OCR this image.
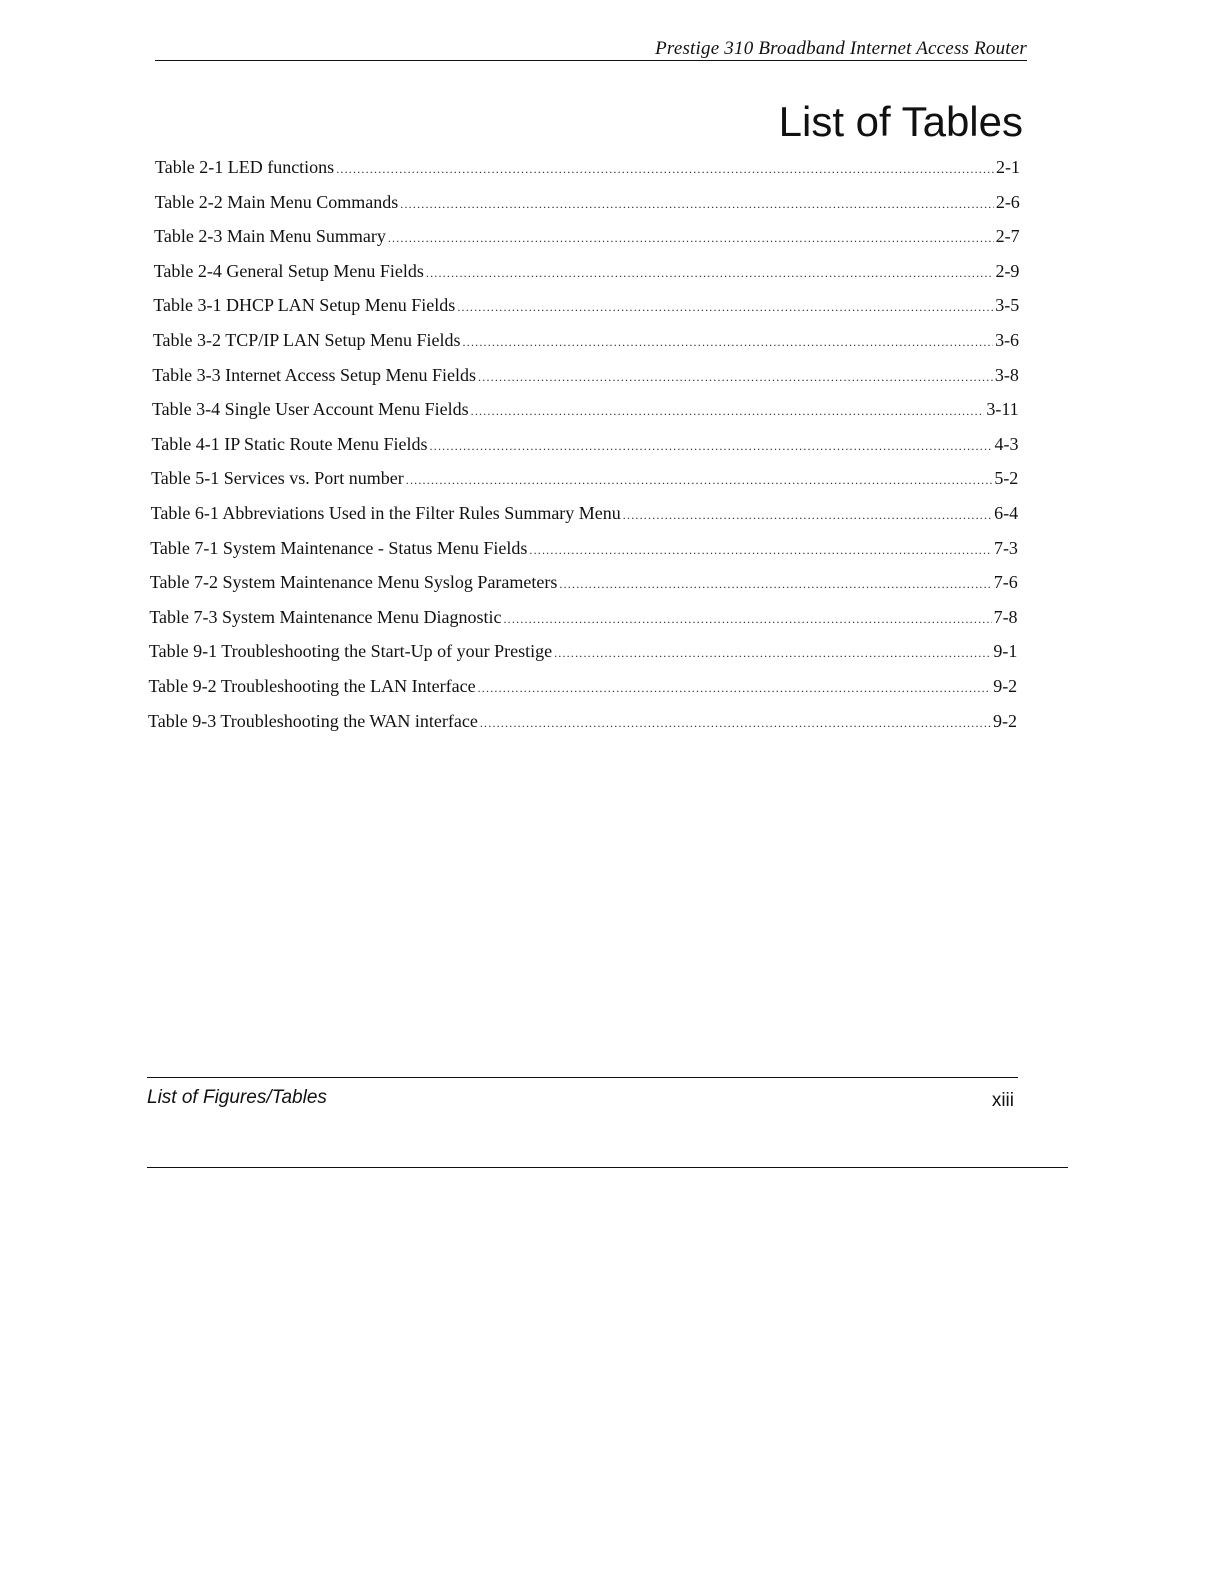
Prestige 310 Broadband Internet Access Router
List of Tables
Table 2-1 LED functions .....	2-1
Table 2-2 Main Menu Commands .....	2-6
Table 2-3 Main Menu Summary .....	2-7
Table 2-4 General Setup Menu Fields .....	2-9
Table 3-1 DHCP LAN Setup Menu Fields .....	3-5
Table 3-2 TCP/IP LAN Setup Menu Fields .....	3-6
Table 3-3 Internet Access Setup Menu Fields .....	3-8
Table 3-4 Single User Account Menu Fields .....	3-11
Table 4-1 IP Static Route Menu Fields .....	4-3
Table 5-1 Services vs. Port number .....	5-2
Table 6-1 Abbreviations Used in the Filter Rules Summary Menu .....	6-4
Table 7-1 System Maintenance - Status Menu Fields .....	7-3
Table 7-2 System Maintenance Menu Syslog Parameters .....	7-6
Table 7-3 System Maintenance Menu Diagnostic .....	7-8
Table 9-1 Troubleshooting the Start-Up of your Prestige .....	9-1
Table 9-2 Troubleshooting the LAN Interface .....	9-2
Table 9-3 Troubleshooting the WAN interface .....	9-2
List of Figures/Tables	xiii
